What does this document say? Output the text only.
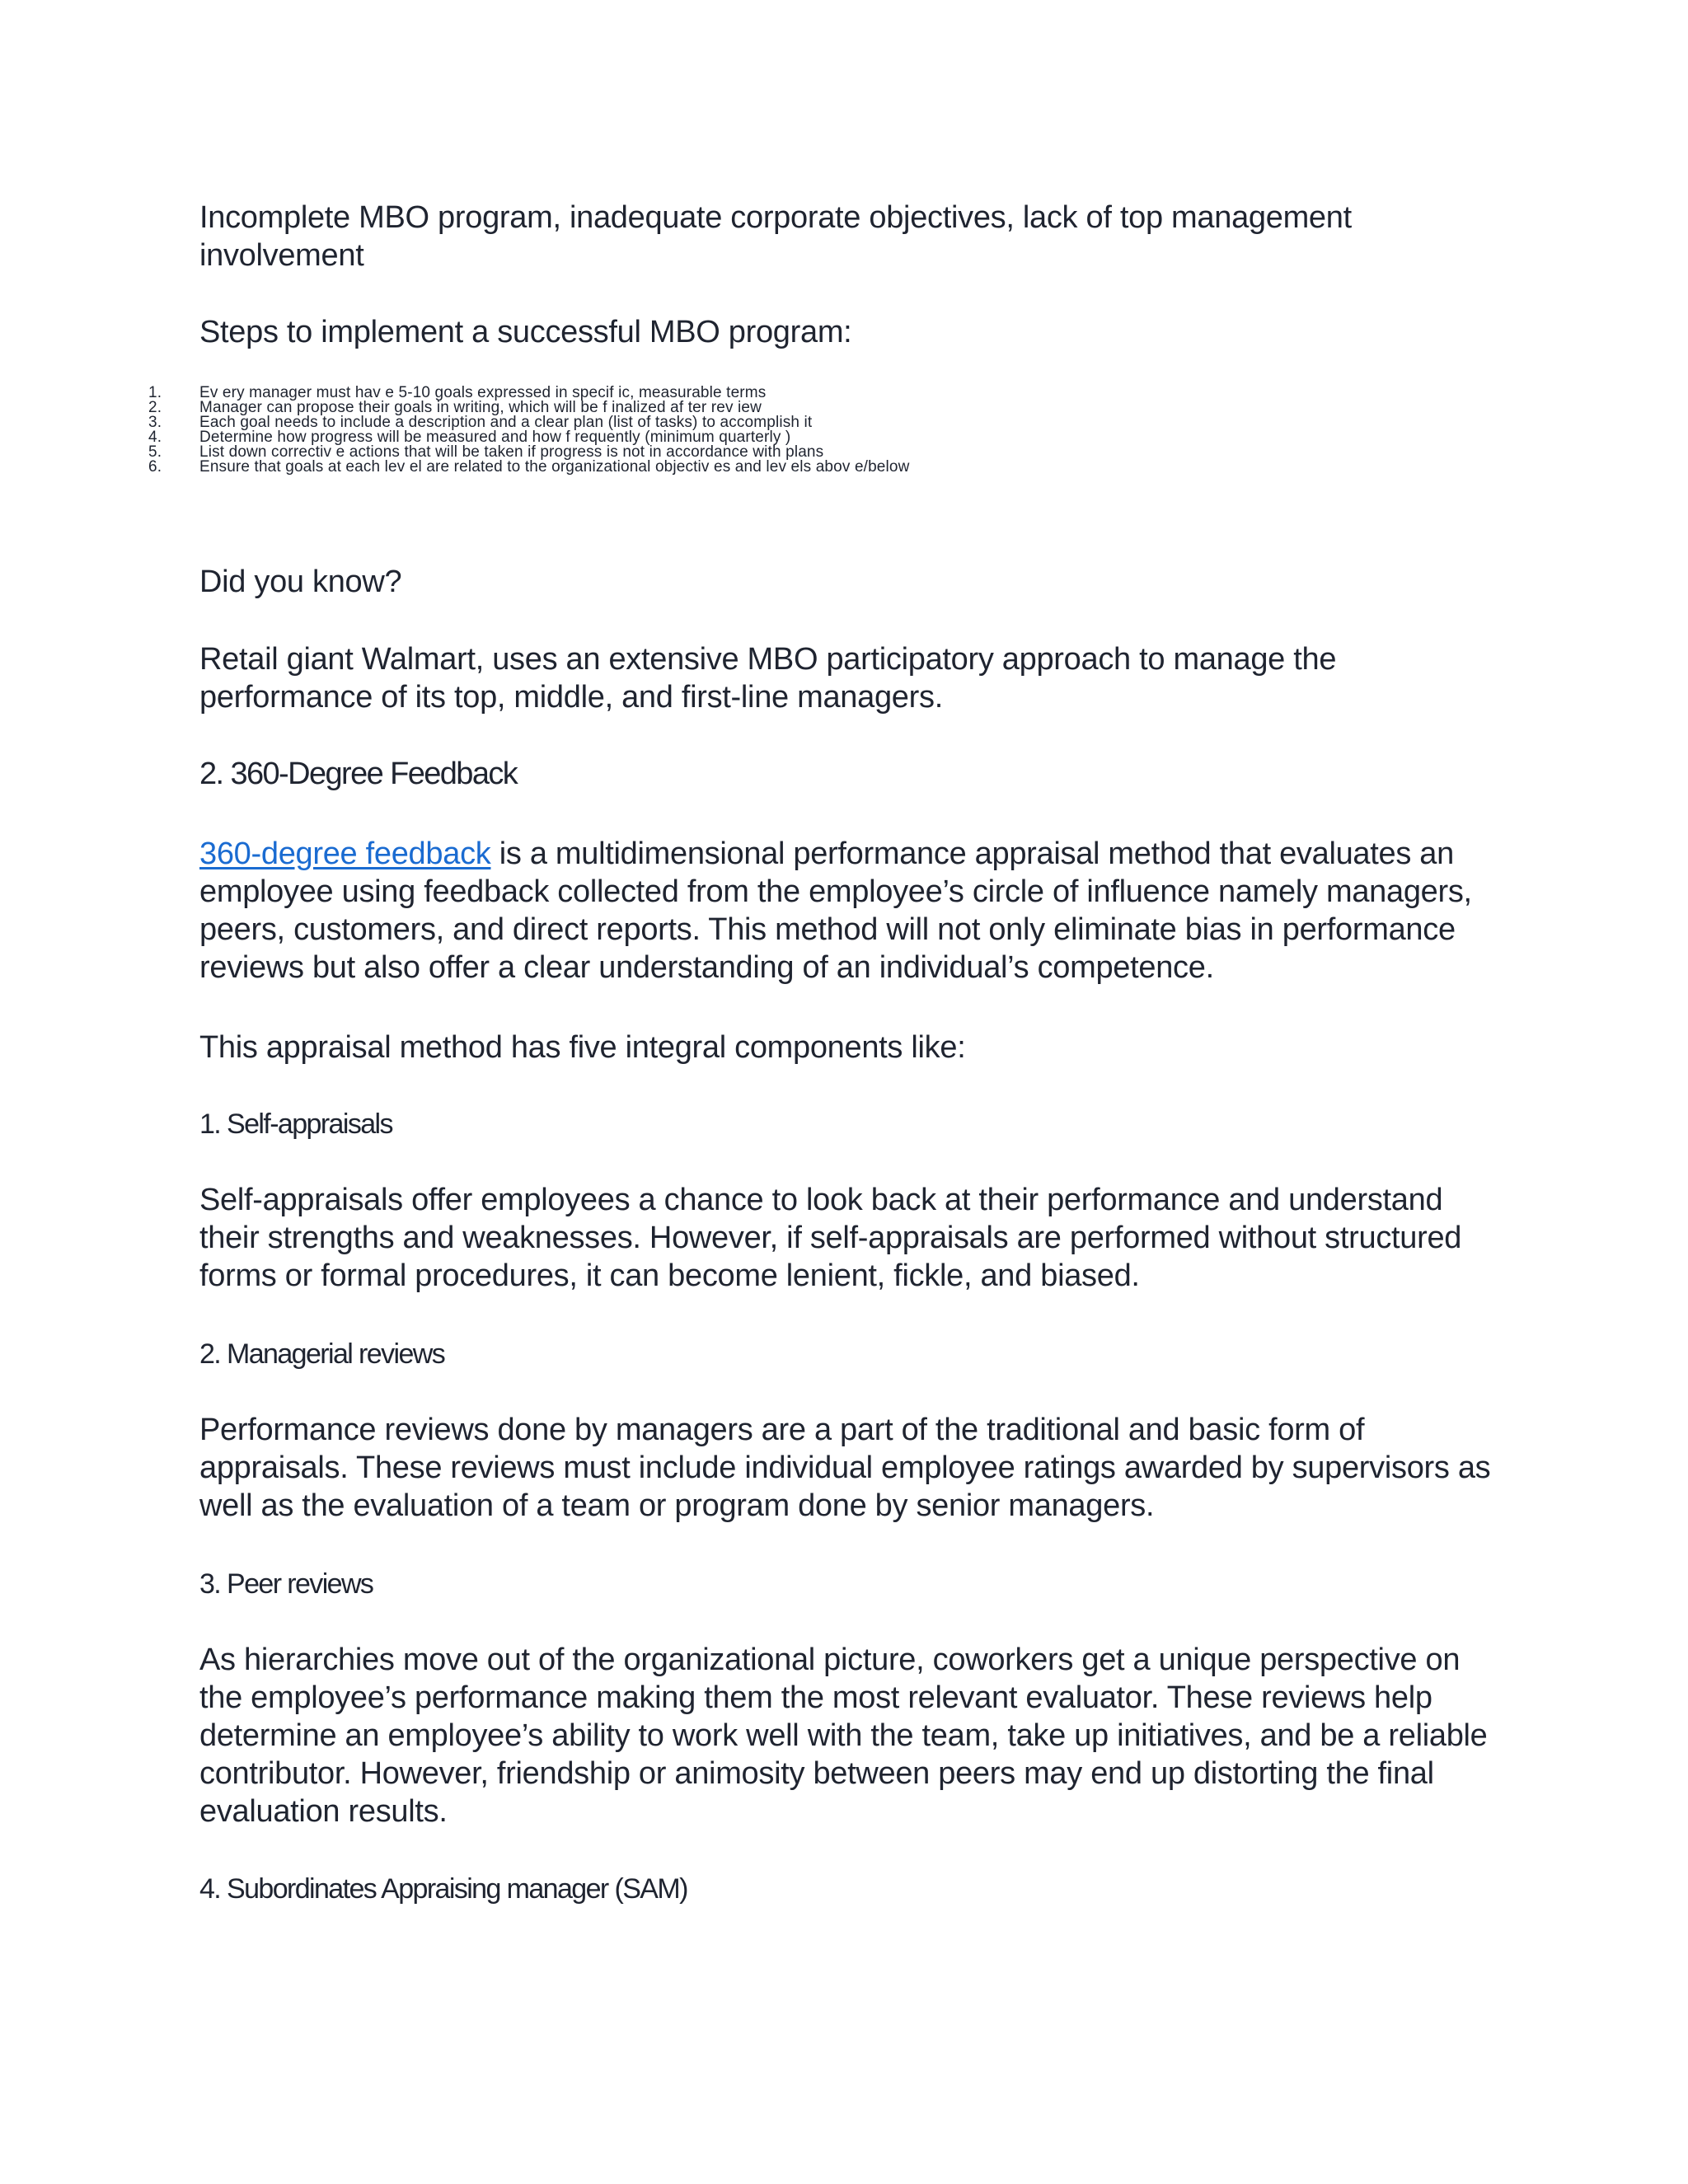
Incomplete MBO program, inadequate corporate objectives, lack of top management involvement

Steps to implement a successful MBO program:

1.	Ev ery manager must hav e 5-10 goals expressed in specif ic, measurable terms
2.	Manager can propose their goals in writing, which will be f inalized af ter rev iew
3.	Each goal needs to include a description and a clear plan (list of tasks) to accomplish it
4.	Determine how progress will be measured and how f requently (minimum quarterly )
5.	List down correctiv e actions that will be taken if progress is not in accordance with plans
6.	Ensure that goals at each lev el are related to the organizational objectiv es and lev els abov e/below

Did you know?

Retail giant Walmart, uses an extensive MBO participatory approach to manage the performance of its top, middle, and first-line managers.

2. 360-Degree Feedback

360-degree feedback is a multidimensional performance appraisal method that evaluates an employee using feedback collected from the employee’s circle of influence namely managers, peers, customers, and direct reports. This method will not only eliminate bias in performance reviews but also offer a clear understanding of an individual’s competence.

This appraisal method has five integral components like:

1. Self-appraisals

Self-appraisals offer employees a chance to look back at their performance and understand their strengths and weaknesses. However, if self-appraisals are performed without structured forms or formal procedures, it can become lenient, fickle, and biased.

2. Managerial reviews

Performance reviews done by managers are a part of the traditional and basic form of appraisals. These reviews must include individual employee ratings awarded by supervisors as well as the evaluation of a team or program done by senior managers.

3. Peer reviews

As hierarchies move out of the organizational picture, coworkers get a unique perspective on the employee’s performance making them the most relevant evaluator. These reviews help determine an employee’s ability to work well with the team, take up initiatives, and be a reliable contributor. However, friendship or animosity between peers may end up distorting the final evaluation results.

4. Subordinates Appraising manager (SAM)
